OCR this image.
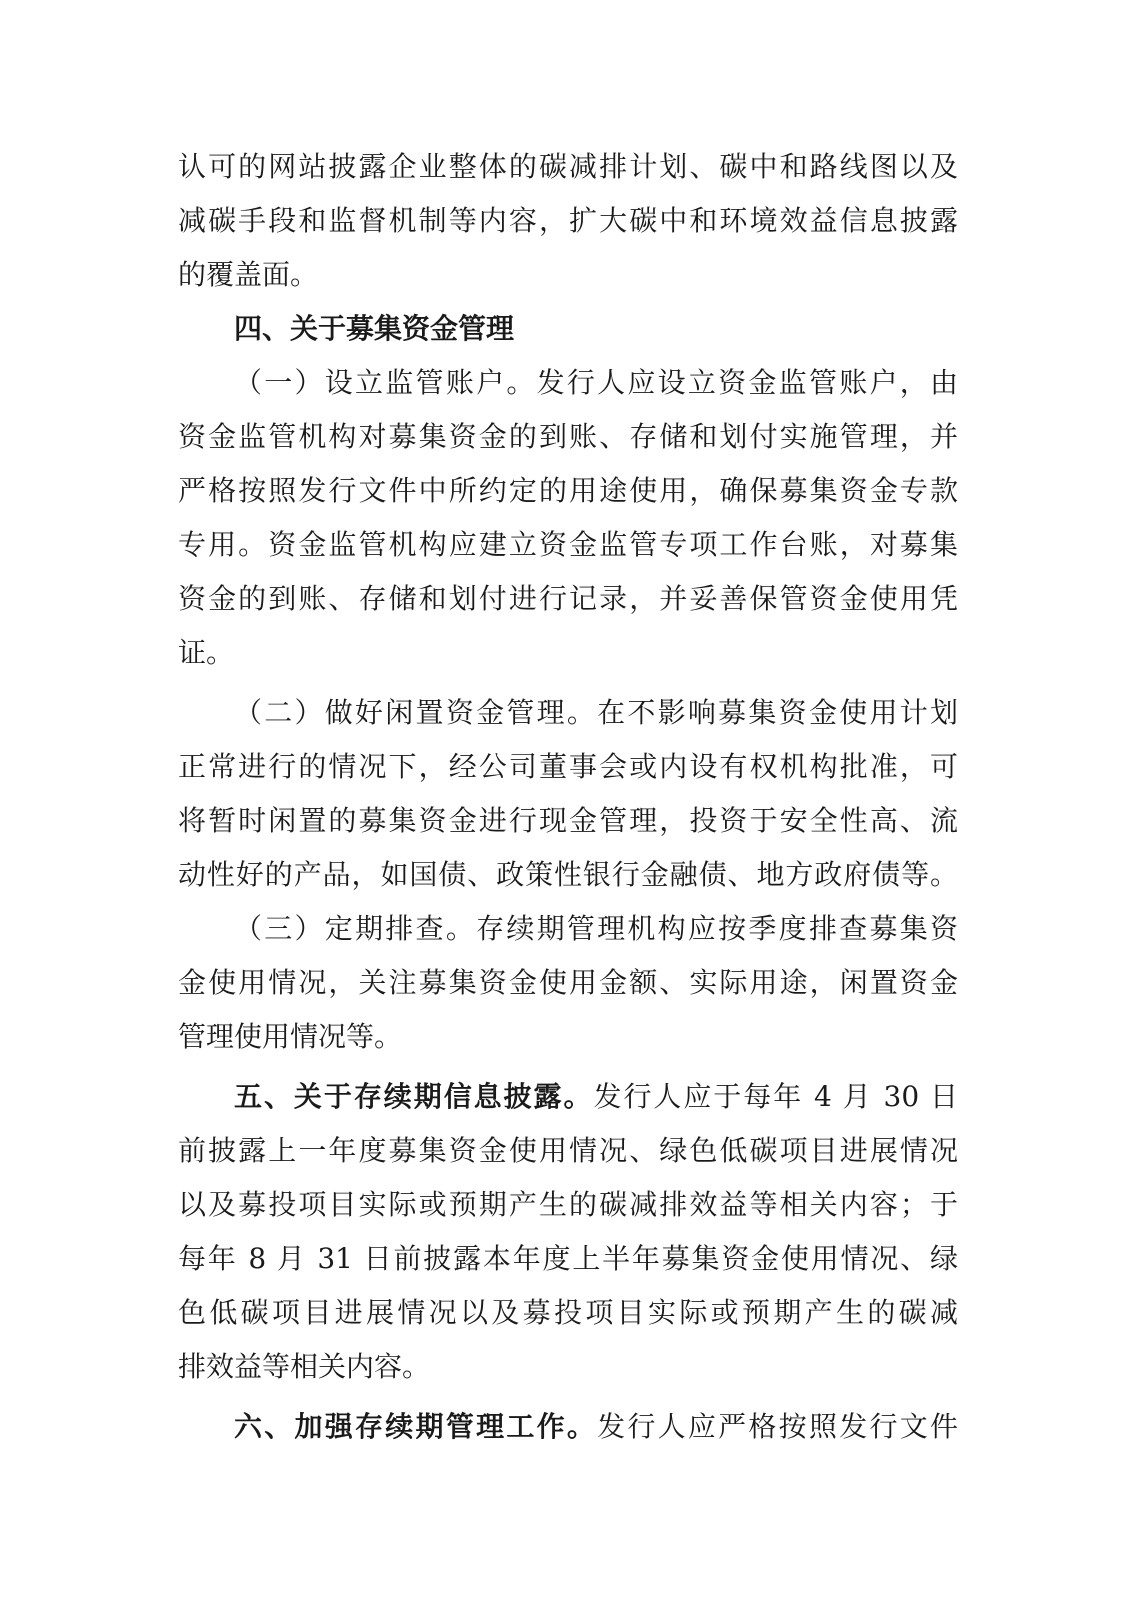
认可的网站披露企业整体的碳减排计划、碳中和路线图以及
减碳手段和监督机制等内容，扩大碳中和环境效益信息披露
的覆盖面。
四、关于募集资金管理
（一）设立监管账户。发行人应设立资金监管账户，由
资金监管机构对募集资金的到账、存储和划付实施管理，并
严格按照发行文件中所约定的用途使用，确保募集资金专款
专用。资金监管机构应建立资金监管专项工作台账，对募集
资金的到账、存储和划付进行记录，并妥善保管资金使用凭
证。
（二）做好闲置资金管理。在不影响募集资金使用计划
正常进行的情况下，经公司董事会或内设有权机构批准，可
将暂时闲置的募集资金进行现金管理，投资于安全性高、流
动性好的产品，如国债、政策性银行金融债、地方政府债等。
（三）定期排查。存续期管理机构应按季度排查募集资
金使用情况，关注募集资金使用金额、实际用途，闲置资金
管理使用情况等。
五、关于存续期信息披露。发行人应于每年 4 月 30 日
前披露上一年度募集资金使用情况、绿色低碳项目进展情况
以及募投项目实际或预期产生的碳减排效益等相关内容；于
每年 8 月 31 日前披露本年度上半年募集资金使用情况、绿
色低碳项目进展情况以及募投项目实际或预期产生的碳减
排效益等相关内容。
六、加强存续期管理工作。发行人应严格按照发行文件
